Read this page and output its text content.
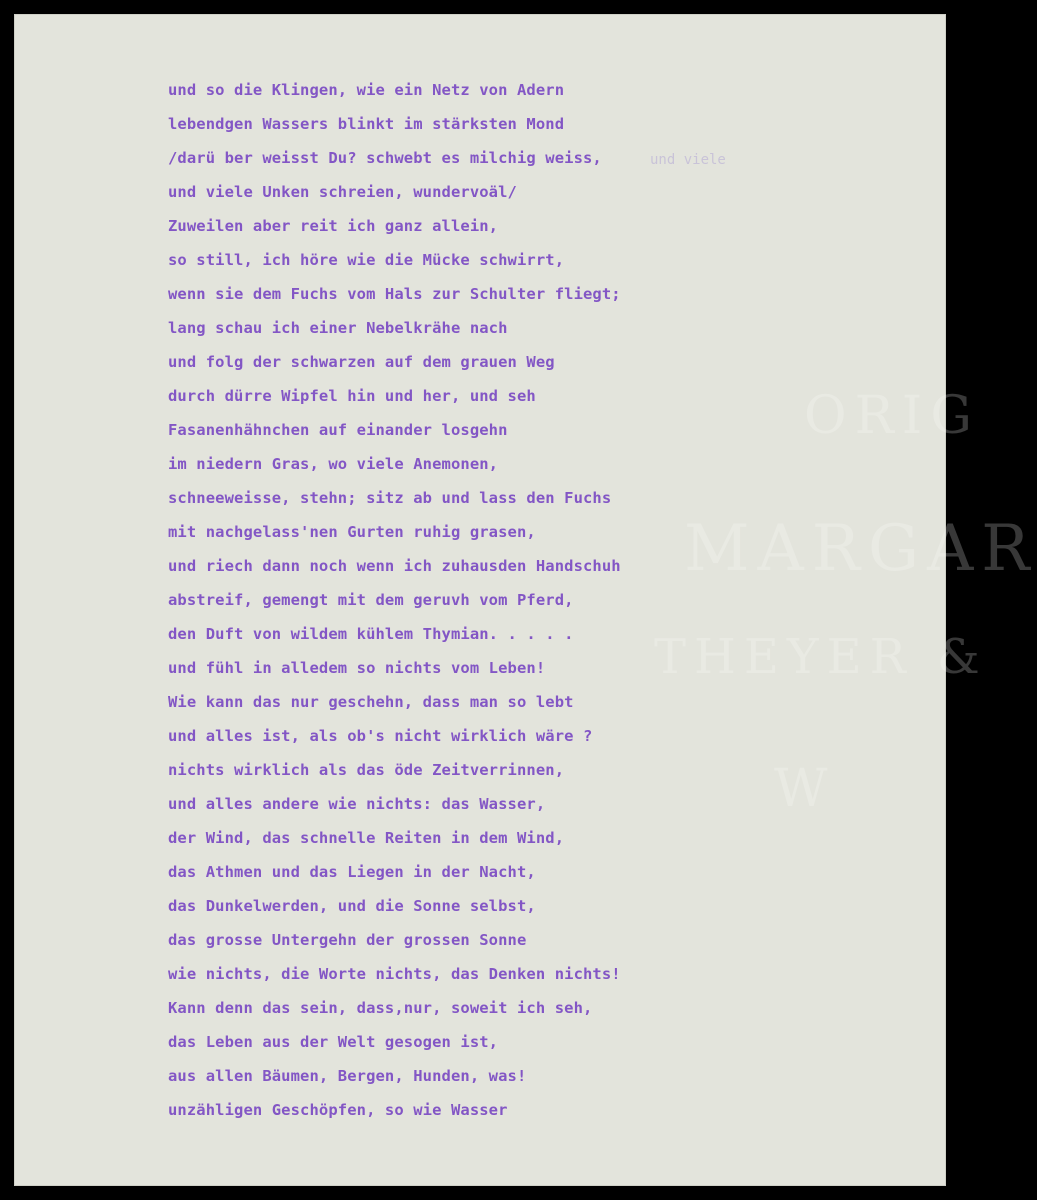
ORIG
MARGAR
THEYER &
W
und viele
und so die Klingen, wie ein Netz von Adern
lebendgen Wassers blinkt im stärksten Mond
/darü ber weisst Du? schwebt es milchig weiss,
und viele Unken schreien, wundervoäl/
Zuweilen aber reit ich ganz allein,
so still, ich höre wie die Mücke schwirrt,
wenn sie dem Fuchs vom Hals zur Schulter fliegt;
lang schau ich einer Nebelkrähe nach
und folg der schwarzen auf dem grauen Weg
durch dürre Wipfel hin und her, und seh
Fasanenhähnchen auf einander losgehn
im niedern Gras, wo viele Anemonen,
schneeweisse, stehn; sitz ab und lass den Fuchs
mit nachgelass'nen Gurten ruhig grasen,
und riech dann noch wenn ich zuhausden Handschuh
abstreif, gemengt mit dem geruvh vom Pferd,
den Duft von wildem kühlem Thymian. . . . .
und fühl in alledem so nichts vom Leben!
Wie kann das nur geschehn, dass man so lebt
und alles ist, als ob's nicht wirklich wäre ?
nichts wirklich als das öde Zeitverrinnen,
und alles andere wie nichts: das Wasser,
der Wind, das schnelle Reiten in dem Wind,
das Athmen und das Liegen in der Nacht,
das Dunkelwerden, und die Sonne selbst,
das grosse Untergehn der grossen Sonne
wie nichts, die Worte nichts, das Denken nichts!
Kann denn das sein, dass,nur, soweit ich seh,
das Leben aus der Welt gesogen ist,
aus allen Bäumen, Bergen, Hunden, was!
unzähligen Geschöpfen, so wie Wasser
